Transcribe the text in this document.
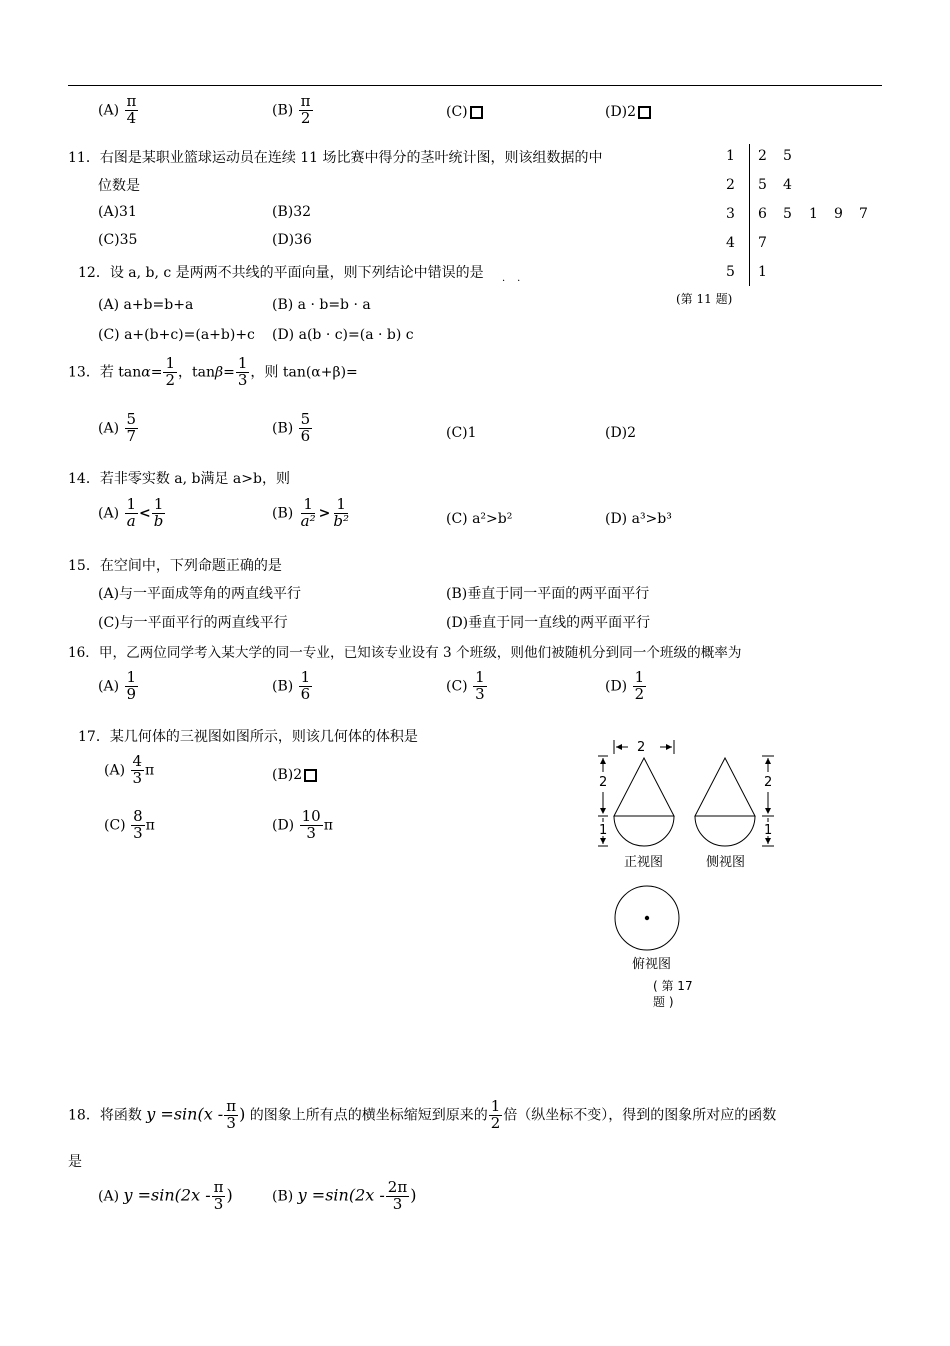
$(A) \frac{\pi}{4}$	$(B) \frac{\pi}{2}$	(C)	(D)2
11．右图是某职业篮球运动员在连续 11 场比赛中得分的茎叶统计图，则该组数据的中
位数是
(A)31	(B)32
(C)35	(D)36
1 2 5
2 5 4
3 6 5 1 9 7
4 7
5 1
(第 11 题)
12．设 a, b, c 是两两不共线的平面向量，则下列结论中错误的是
··
(A) a+b=b+a	(B) a · b=b · a
(C) a+(b+c)=(a+b)+c (D) a(b · c)=(a · b) c
13．若 $\tan\alpha= \frac{1}{2}$ ，$\tan\beta= \frac{1}{3}$ ，则 tan(α+β)=
$(A) \frac{5}{7}$	$(B) \frac{5}{6}$	(C)1	(D)2
14．若非零实数 a, b满足 a>b，则
$(A) \frac{1}{a} < \frac{1}{b}$	$(B) \frac{1}{\text{a²}} > \frac{1}{\text{b²}}$	(C) a²>b²	(D) a³>b³
15．在空间中，下列命题正确的是
(A)与一平面成等角的两直线平行	(B)垂直于同一平面的两平面平行
(C)与一平面平行的两直线平行	(D)垂直于同一直线的两平面平行
16．甲，乙两位同学考入某大学的同一专业，已知该专业设有 3 个班级，则他们被随机分到同一个班级的概率为
$(A) \frac{1}{9}$	$(B) \frac{1}{6}$	$(C) \frac{1}{3}$	$(D) \frac{1}{2}$
17．某几何体的三视图如图所示，则该几何体的体积是
$(A) \frac{4}{3}$ π	(B)2
$(C) \frac{8}{3}$ π	$(D) \frac{10}{3}$ π
2
2
1
2
1
正视图	侧视图
俯视图
( 第 17
题 )
18．将函数 $y =\sin(x - \frac{\pi}{3}$ ) 的图象上所有点的横坐标缩短到原来的 $\frac{1}{2}$ 倍（纵坐标不变），得到的图象所对应的函数
是
(A) $y =\sin(2x - \frac{\pi}{3}$ )	(B) $y =\sin(2x - \frac{2\pi}{3}$ )
